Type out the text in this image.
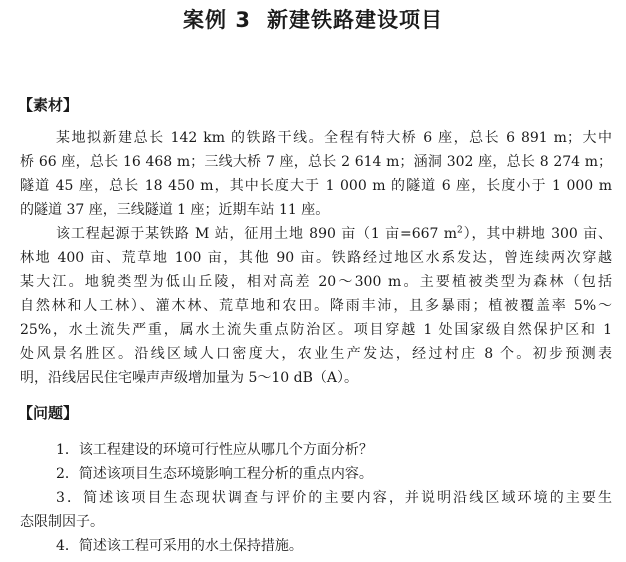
案例 3 新建铁路建设项目
【素材】
某地拟新建总长 142 km 的铁路干线。全程有特大桥 6 座，总长 6 891 m；大中
桥 66 座，总长 16 468 m；三线大桥 7 座，总长 2 614 m；涵洞 302 座，总长 8 274 m；
隧道 45 座，总长 18 450 m，其中长度大于 1 000 m 的隧道 6 座，长度小于 1 000 m
的隧道 37 座，三线隧道 1 座；近期车站 11 座。
该工程起源于某铁路 M 站，征用土地 890 亩（1 亩=667 $m^2$），其中耕地 300 亩、
林地 400 亩、荒草地 100 亩，其他 90 亩。铁路经过地区水系发达，曾连续两次穿越
某大江。地貌类型为低山丘陵，相对高差 20～300 m。主要植被类型为森林（包括
自然林和人工林）、灌木林、荒草地和农田。降雨丰沛，且多暴雨；植被覆盖率 5%～
25%，水土流失严重，属水土流失重点防治区。项目穿越 1 处国家级自然保护区和 1
处风景名胜区。沿线区域人口密度大，农业生产发达，经过村庄 8 个。初步预测表
明，沿线居民住宅噪声声级增加量为 5～10 dB（A）。
【问题】
1．该工程建设的环境可行性应从哪几个方面分析？
2．简述该项目生态环境影响工程分析的重点内容。
3．简述该项目生态现状调查与评价的主要内容，并说明沿线区域环境的主要生
态限制因子。
4．简述该工程可采用的水土保持措施。
